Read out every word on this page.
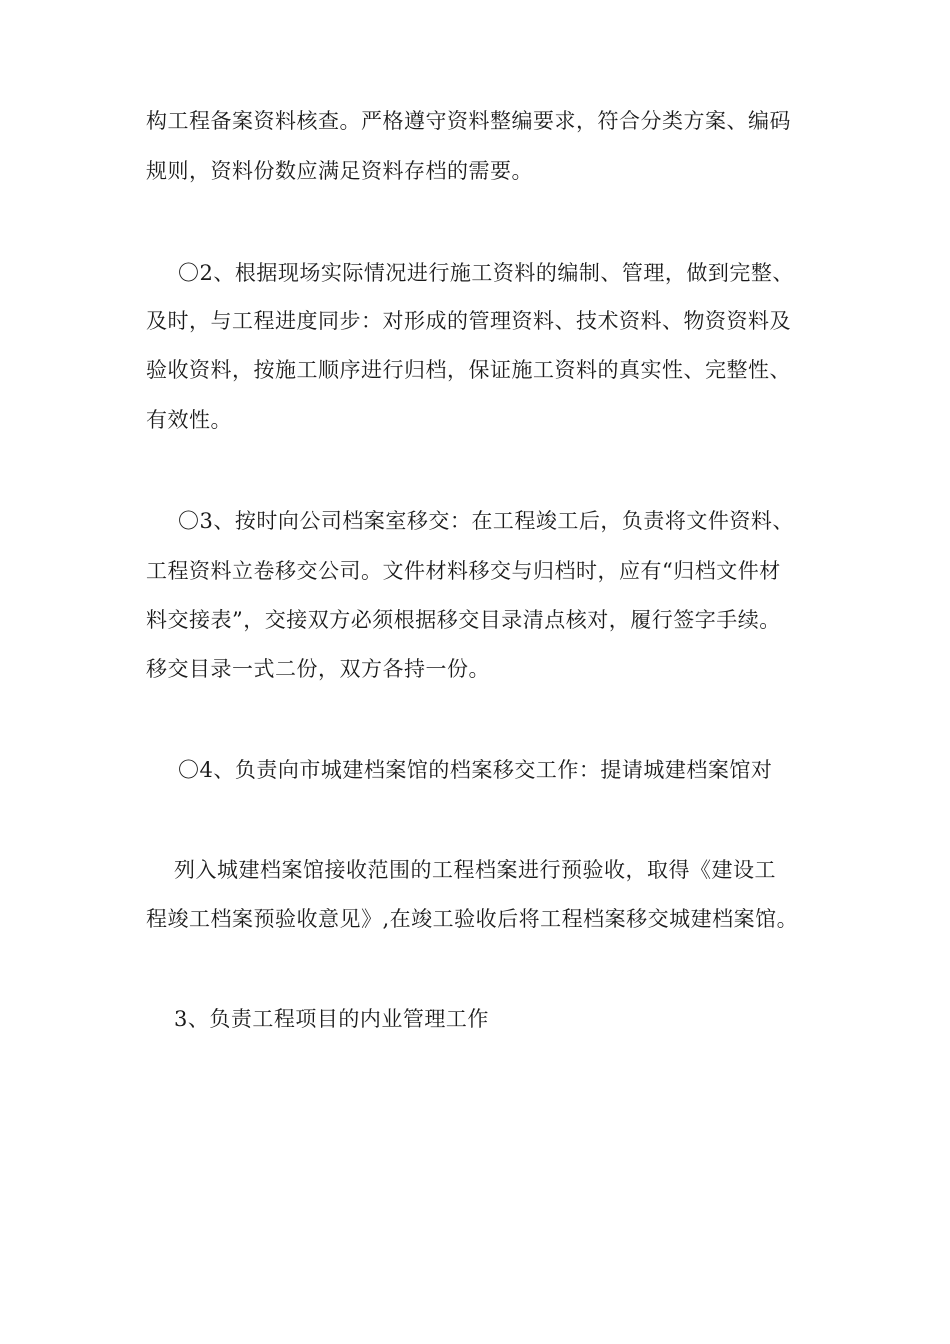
构工程备案资料核查。严格遵守资料整编要求，符合分类方案、编码
规则，资料份数应满足资料存档的需要。
〇2、根据现场实际情况进行施工资料的编制、管理，做到完整、
及时，与工程进度同步：对形成的管理资料、技术资料、物资资料及
验收资料，按施工顺序进行归档，保证施工资料的真实性、完整性、
有效性。
〇3、按时向公司档案室移交：在工程竣工后，负责将文件资料、
工程资料立卷移交公司。文件材料移交与归档时，应有“归档文件材
料交接表”，交接双方必须根据移交目录清点核对，履行签字手续。
移交目录一式二份，双方各持一份。
〇4、负责向市城建档案馆的档案移交工作：提请城建档案馆对
列入城建档案馆接收范围的工程档案进行预验收，取得《建设工
程竣工档案预验收意见》,在竣工验收后将工程档案移交城建档案馆。
3、负责工程项目的内业管理工作
